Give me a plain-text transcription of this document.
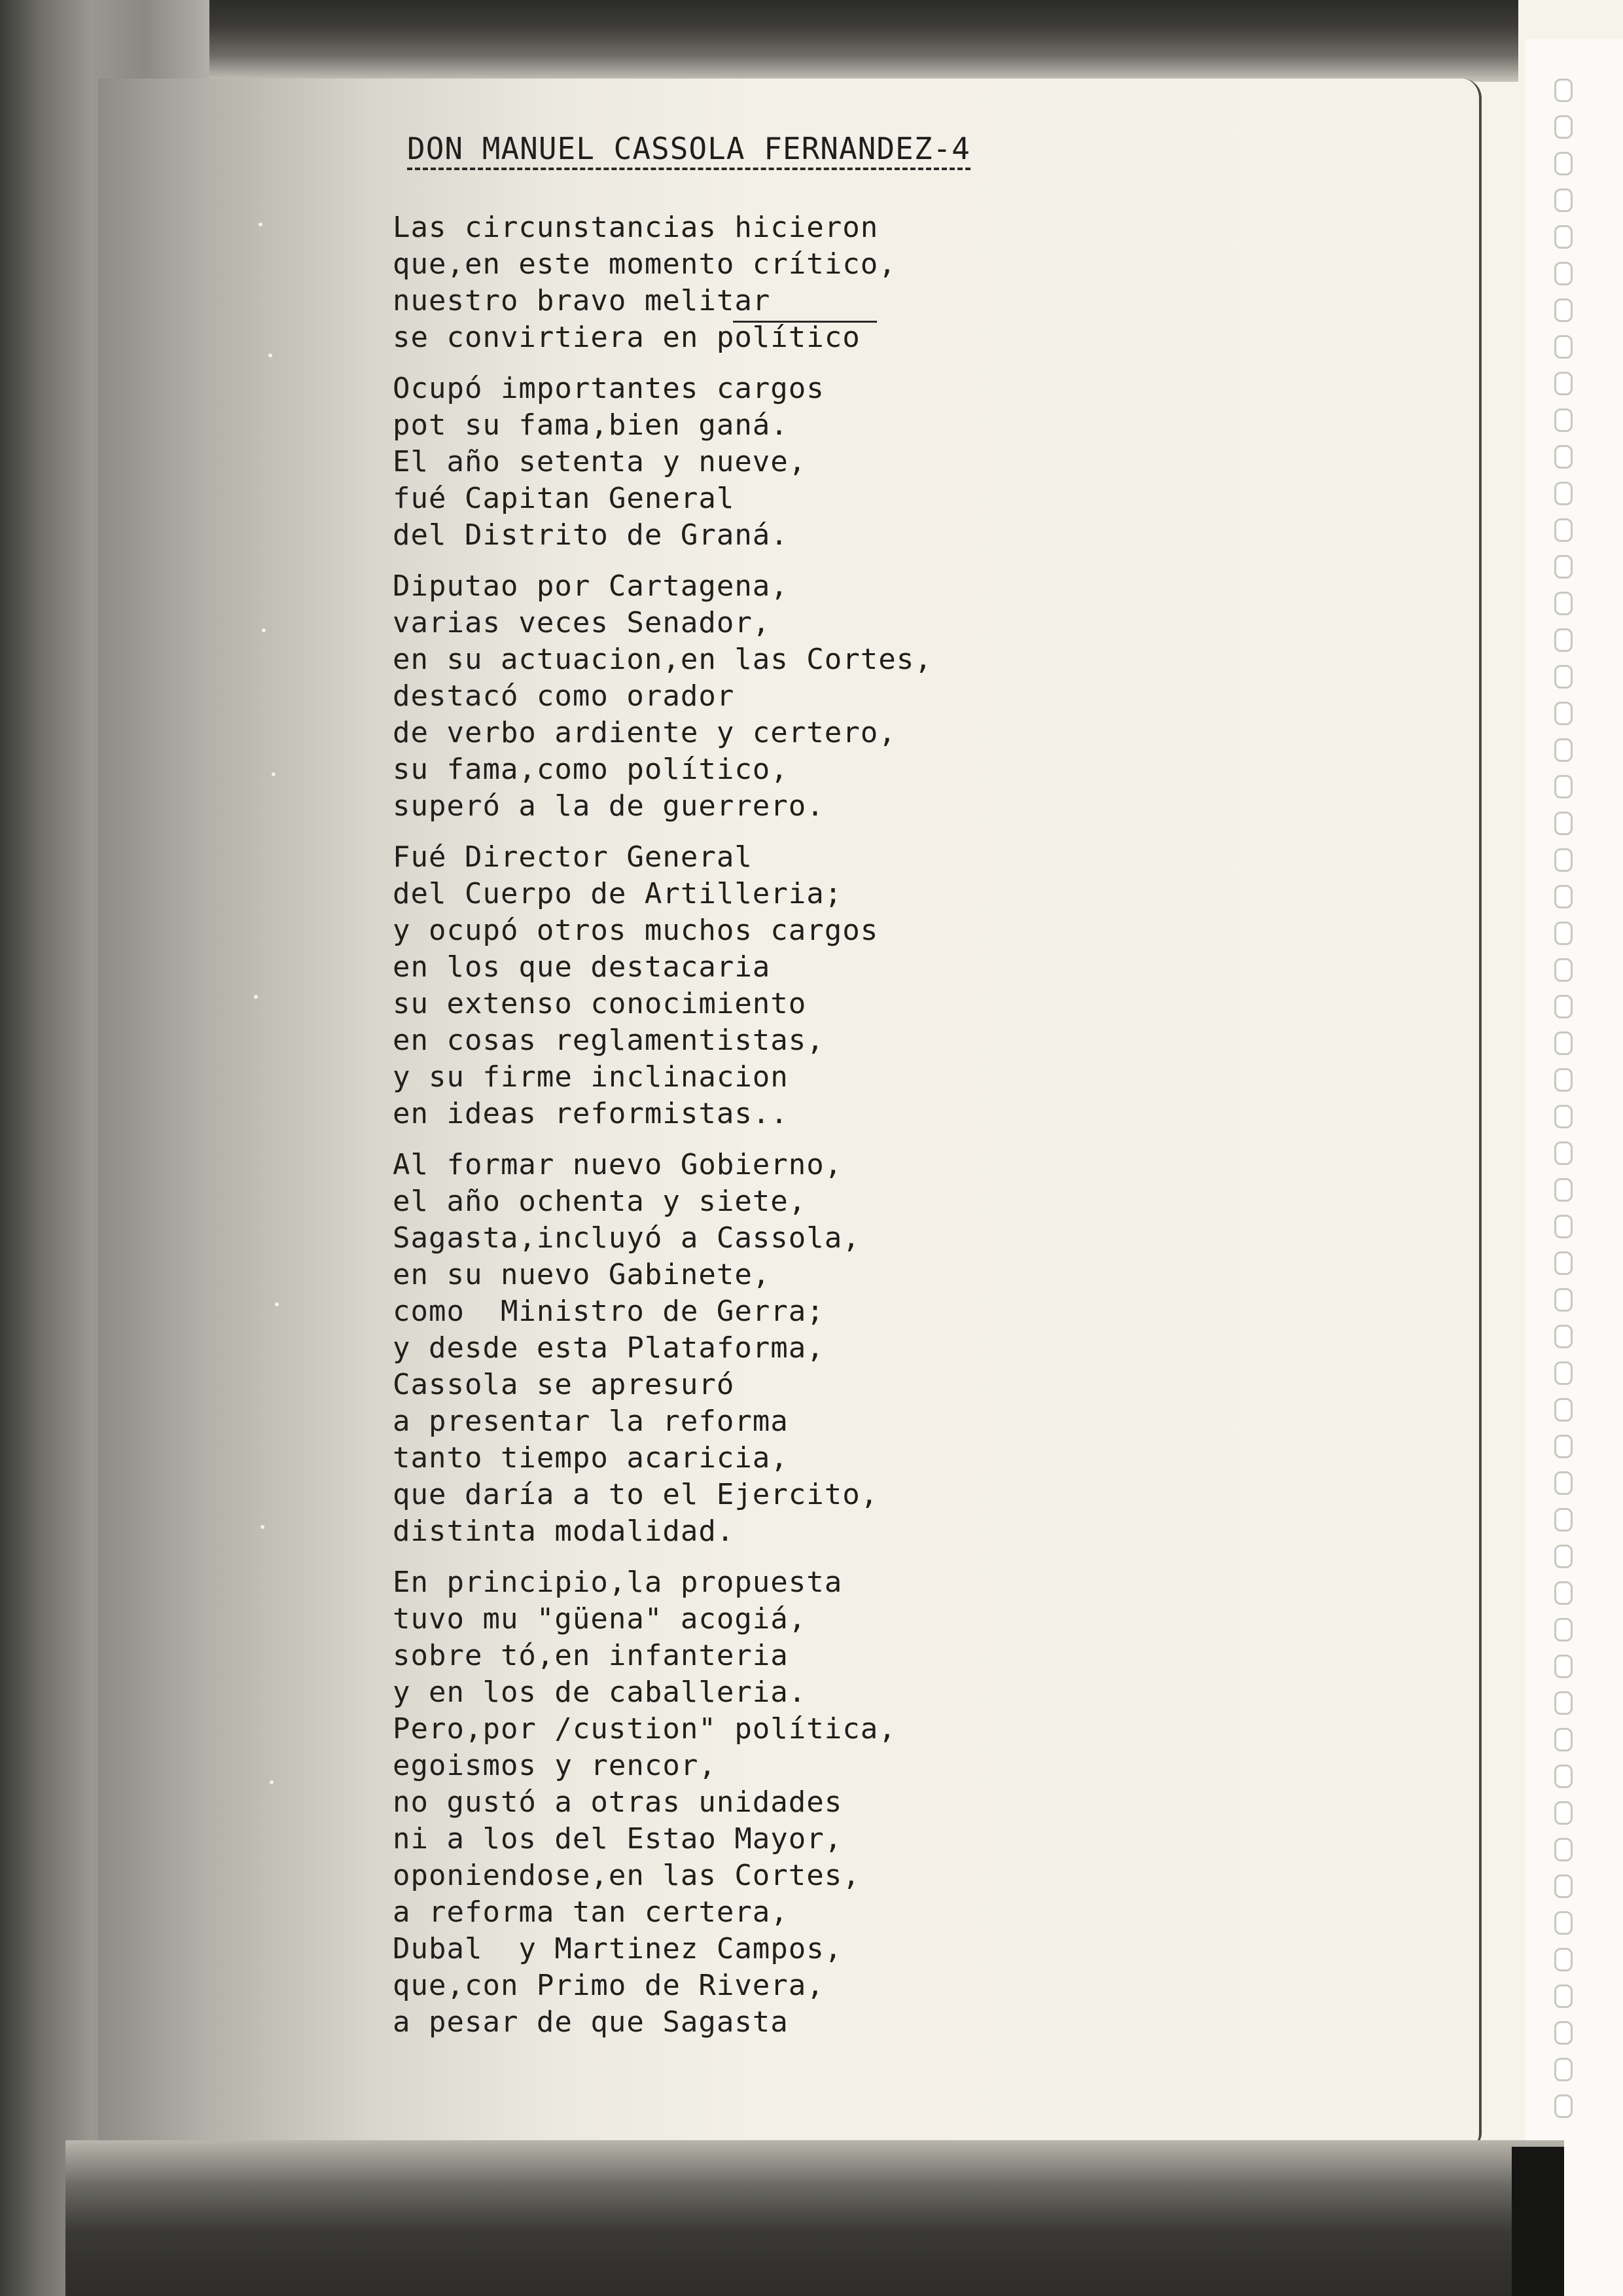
DON MANUEL CASSOLA FERNANDEZ-4
Las circunstancias hicieron
que,en este momento crítico,
nuestro bravo melitar
se convirtiera en político
Ocupó importantes cargos
pot su fama,bien ganá.
El año setenta y nueve,
fué Capitan General
del Distrito de Graná.
Diputao por Cartagena,
varias veces Senador,
en su actuacion,en las Cortes,
destacó como orador
de verbo ardiente y certero,
su fama,como político,
superó a la de guerrero.
Fué Director General
del Cuerpo de Artilleria;
y ocupó otros muchos cargos
en los que destacaria
su extenso conocimiento
en cosas reglamentistas,
y su firme inclinacion
en ideas reformistas..
Al formar nuevo Gobierno,
el año ochenta y siete,
Sagasta,incluyó a Cassola,
en su nuevo Gabinete,
como  Ministro de Gerra;
y desde esta Plataforma,
Cassola se apresuró
a presentar la reforma
tanto tiempo acaricia,
que daría a to el Ejercito,
distinta modalidad.
En principio,la propuesta
tuvo mu "güena" acogiá,
sobre tó,en infanteria
y en los de caballeria.
Pero,por /custion" política,
egoismos y rencor,
no gustó a otras unidades
ni a los del Estao Mayor,
oponiendose,en las Cortes,
a reforma tan certera,
Dubal  y Martinez Campos,
que,con Primo de Rivera,
a pesar de que Sagasta
